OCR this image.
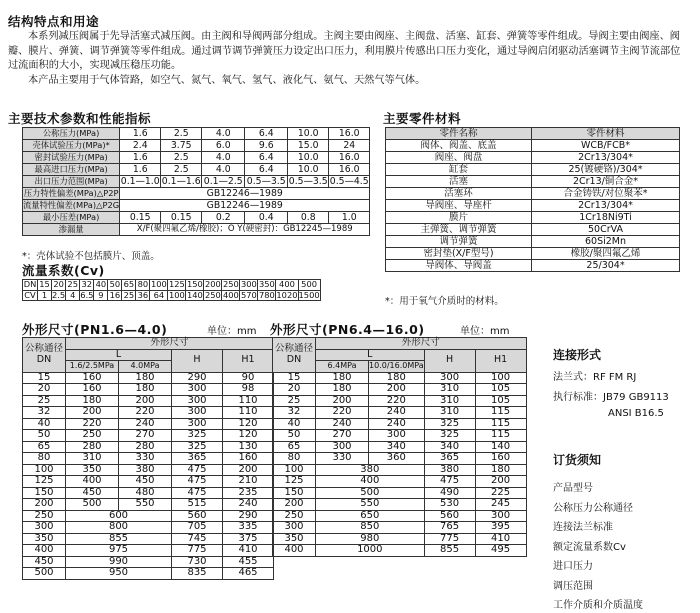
结构特点和用途
本系列减压阀属于先导活塞式减压阀。由主阀和导阀两部分组成。主阀主要由阀座、主阀盘、活塞、缸套、弹簧等零件组成。导阀主要由阀座、阀瓣、膜片、弹簧、调节弹簧等零件组成。通过调节调节弹簧压力设定出口压力，利用膜片传感出口压力变化，通过导阀启闭驱动活塞调节主阀节流部位过流面积的大小，实现减压稳压功能。
本产品主要用于气体管路，如空气、氮气、氧气、氢气、液化气、氨气、天然气等气体。
主要技术参数和性能指标
公称压力(MPa)	1.6	2.5	4.0	6.4	10.0	16.0
壳体试验压力(MPa)*	2.4	3.75	6.0	9.6	15.0	24
密封试验压力(MPa)	1.6	2.5	4.0	6.4	10.0	16.0
最高进口压力(MPa)	1.6	2.5	4.0	6.4	10.0	16.0
出口压力范围(MPa)	0.1—1.0	0.1—1.6	0.1—2.5	0.5—3.5	0.5—3.5	0.5—4.5
压力特性偏差(MPa)△P2P	GB12246—1989					
流量特性偏差(MPa)△P2G	GB12246—1989					
最小压差(MPa)	0.15	0.15	0.2	0.4	0.8	1.0
渗漏量	X/F(聚四氟乙烯/橡胶)；O Y(硬密封)：GB12245—1989					
*：壳体试验不包括膜片、顶盖。
主要零件材料
零件名称	零件材料
阀体、阀盖、底盖	WCB/FCB*
阀座、阀盘	2Cr13/304*
缸套	25(镀硬铬)/304*
活塞	2Cr13/铜合金*
活塞环	合金铸铁/对位聚苯*
导阀座、导座杆	2Cr13/304*
膜片	1Cr18Ni9Ti
主弹簧、调节弹簧	50CrVA
调节弹簧	60Si2Mn
密封垫(X/F型号)	橡胶/聚四氟乙烯
导阀体、导阀盖	25/304*
*：用于氧气介质时的材料。
流量系数(Cv)
DN	15	20	25	32	40	50	65	80	100	125	150	200	250	300	350	400	500
CV	1	2.5	4	6.5	9	16	25	36	64	100	140	250	400	570	780	1020	1500
外形尺寸(PN1.6—4.0)	单位：mm
公称通径
DN	外形尺寸			
	L		H	H1
	1.6/2.5MPa	4.0MPa		
15	160	180	290	90
20	160	180	300	98
25	180	200	300	110
32	200	220	300	110
40	220	240	300	120
50	250	270	325	120
65	280	280	325	130
80	310	330	365	160
100	350	380	475	200
125	400	450	475	210
150	450	480	475	235
200	500	550	515	240
250	600		560	290
300	800		705	335
350	855		745	375
400	975		775	410
450	990		730	455
500	950		835	465
外形尺寸(PN6.4—16.0)	单位：mm
公称通径
DN	外形尺寸			
	L		H	H1
	6.4MPa	10.0/16.0MPa		
15	180	180	300	100
20	180	200	310	105
25	200	220	310	105
32	220	240	310	115
40	240	240	325	115
50	270	300	325	115
65	300	340	340	140
80	330	360	365	160
100	380		380	180
125	400		475	200
150	500		490	225
200	550		530	245
250	650		560	300
300	850		765	395
350	980		775	410
400	1000		855	495
连接形式
法兰式：RF FM RJ
执行标准：JB79 GB9113
ANSI B16.5
订货须知
产品型号
公称压力公称通径
连接法兰标准
额定流量系数Cv
进口压力
调压范围
工作介质和介质温度
